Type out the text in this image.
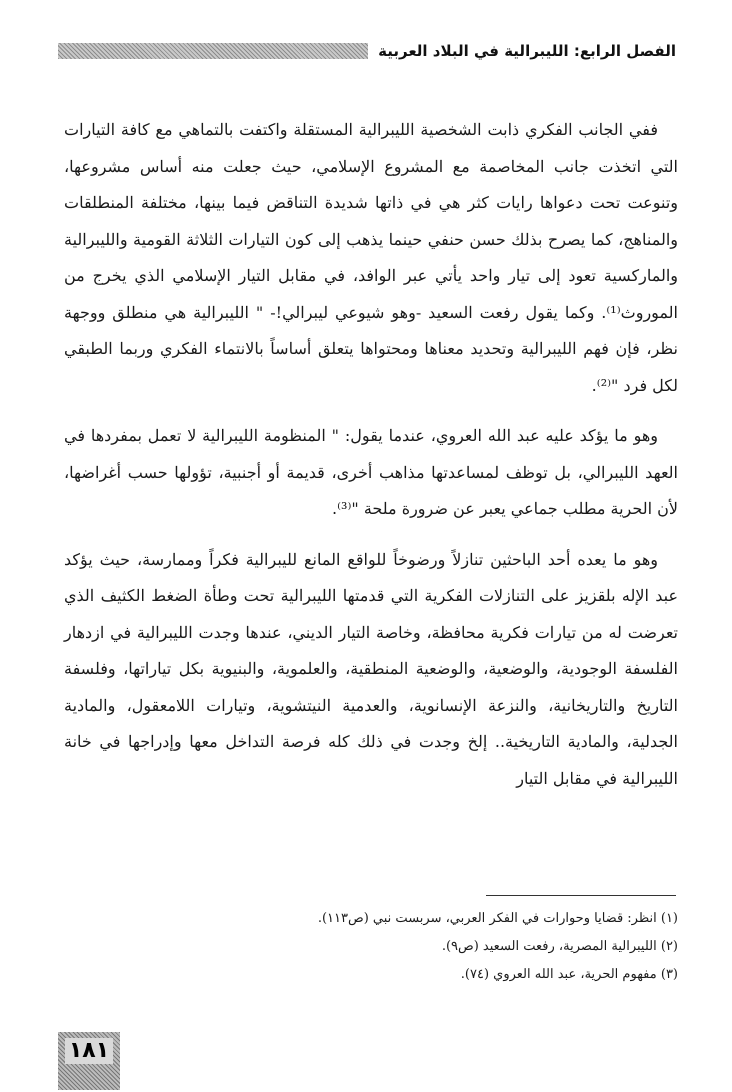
الفصل الرابع: الليبرالية في البلاد العربية

ففي الجانب الفكري ذابت الشخصية الليبرالية المستقلة واكتفت بالتماهي مع كافة التيارات التي اتخذت جانب المخاصمة مع المشروع الإسلامي، حيث جعلت منه أساس مشروعها، وتنوعت تحت دعواها رايات كثر هي في ذاتها شديدة التناقض فيما بينها، مختلفة المنطلقات والمناهج، كما يصرح بذلك حسن حنفي حينما يذهب إلى كون التيارات الثلاثة القومية والليبرالية والماركسية تعود إلى تيار واحد يأتي عبر الوافد، في مقابل التيار الإسلامي الذي يخرج من الموروث⁽¹⁾. وكما يقول رفعت السعيد -وهو شيوعي ليبرالي!- " الليبرالية هي منطلق ووجهة نظر، فإن فهم الليبرالية وتحديد معناها ومحتواها يتعلق أساساً بالانتماء الفكري وربما الطبقي لكل فرد "⁽²⁾.

وهو ما يؤكد عليه عبد الله العروي، عندما يقول: " المنظومة الليبرالية لا تعمل بمفردها في العهد الليبرالي، بل توظف لمساعدتها مذاهب أخرى، قديمة أو أجنبية، تؤولها حسب أغراضها، لأن الحرية مطلب جماعي يعبر عن ضرورة ملحة "⁽³⁾.

وهو ما يعده أحد الباحثين تنازلاً ورضوخاً للواقع المانع لليبرالية فكراً وممارسة، حيث يؤكد عبد الإله بلقزيز على التنازلات الفكرية التي قدمتها الليبرالية تحت وطأة الضغط الكثيف الذي تعرضت له من تيارات فكرية محافظة، وخاصة التيار الديني، عندها وجدت الليبرالية في ازدهار الفلسفة الوجودية، والوضعية، والوضعية المنطقية، والعلموية، والبنيوية بكل تياراتها، وفلسفة التاريخ والتاريخانية، والنزعة الإنسانوية، والعدمية النيتشوية، وتيارات اللامعقول، والمادية الجدلية، والمادية التاريخية.. إلخ وجدت في ذلك كله فرصة التداخل معها وإدراجها في خانة الليبرالية في مقابل التيار

(١) انظر: قضايا وحوارات في الفكر العربي، سربست نبي (ص١١٣).

(٢) الليبرالية المصرية، رفعت السعيد (ص٩).

(٣) مفهوم الحرية، عبد الله العروي (٧٤).

١٨١
